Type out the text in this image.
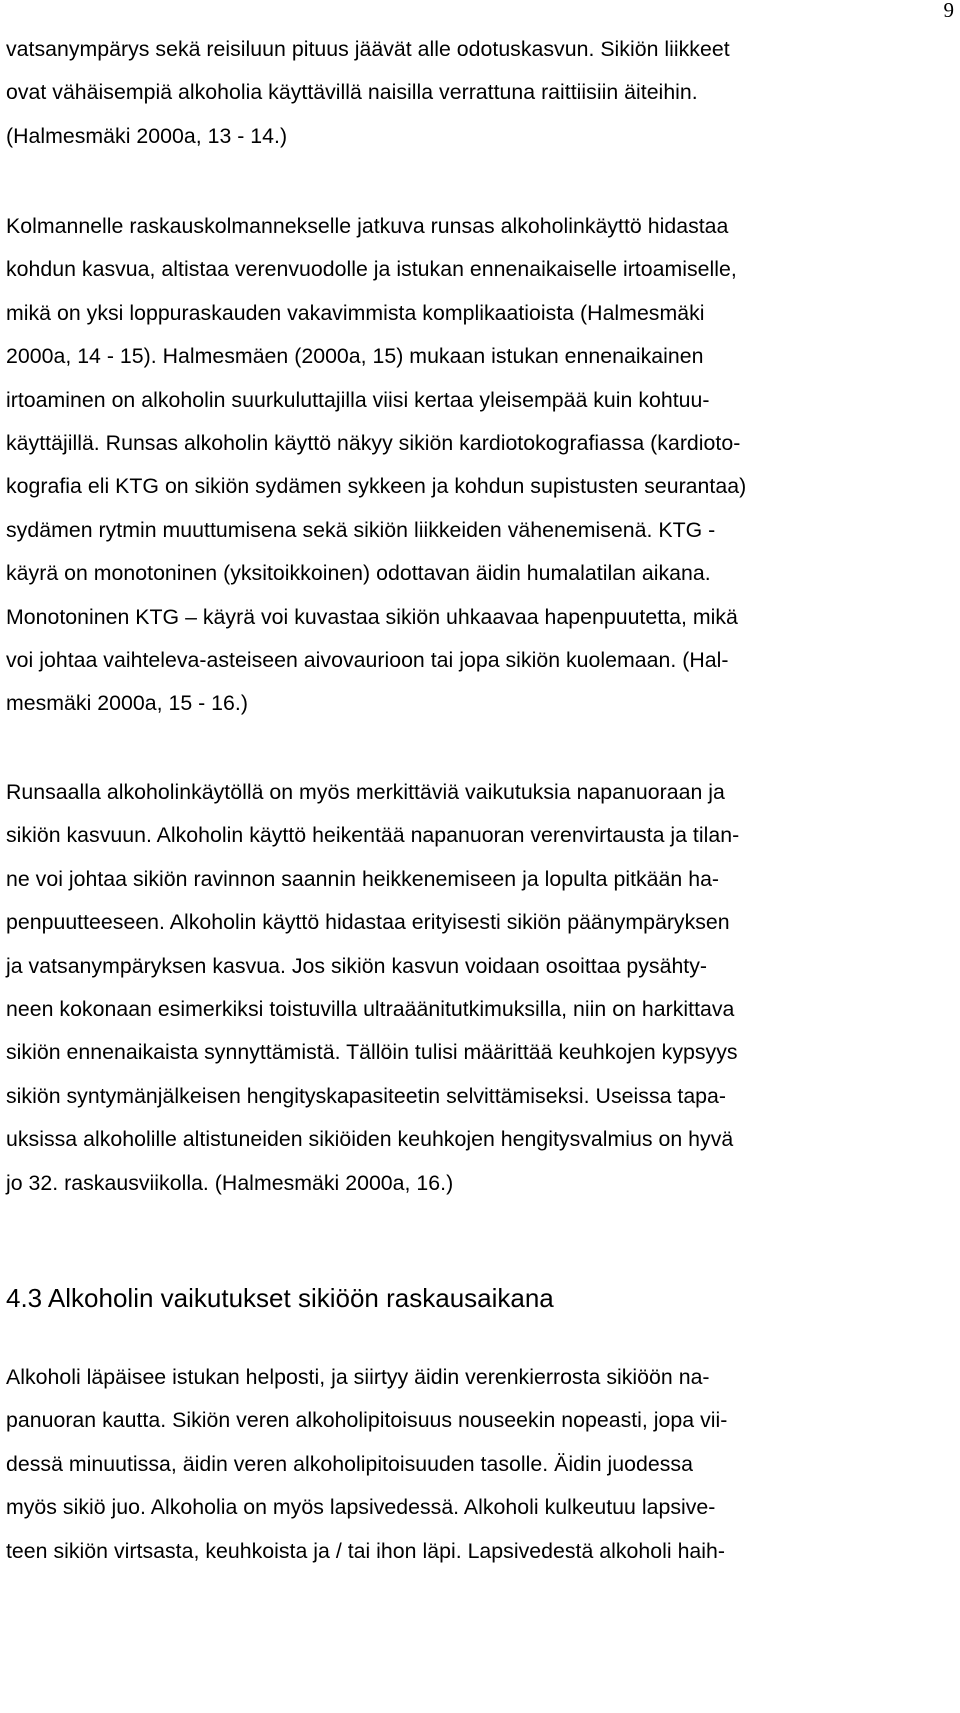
9
vatsanympärys sekä reisiluun pituus jäävät alle odotuskasvun. Sikiön liikkeet
ovat vähäisempiä alkoholia käyttävillä naisilla verrattuna raittiisiin äiteihin.
(Halmesmäki 2000a, 13 - 14.)
Kolmannelle raskauskolmannekselle jatkuva runsas alkoholinkäyttö hidastaa
kohdun kasvua, altistaa verenvuodolle ja istukan ennenaikaiselle irtoamiselle,
mikä on yksi loppuraskauden vakavimmista komplikaatioista (Halmesmäki
2000a, 14 - 15). Halmesmäen (2000a, 15) mukaan istukan ennenaikainen
irtoaminen on alkoholin suurkuluttajilla viisi kertaa yleisempää kuin kohtuu-
käyttäjillä. Runsas alkoholin käyttö näkyy sikiön kardiotokografiassa (kardioto-
kografia eli KTG on sikiön sydämen sykkeen ja kohdun supistusten seurantaa)
sydämen rytmin muuttumisena sekä sikiön liikkeiden vähenemisenä. KTG -
käyrä on monotoninen (yksitoikkoinen) odottavan äidin humalatilan aikana.
Monotoninen KTG – käyrä voi kuvastaa sikiön uhkaavaa hapenpuutetta, mikä
voi johtaa vaihteleva-asteiseen aivovaurioon tai jopa sikiön kuolemaan. (Hal-
mesmäki 2000a, 15 - 16.)
Runsaalla alkoholinkäytöllä on myös merkittäviä vaikutuksia napanuoraan ja
sikiön kasvuun. Alkoholin käyttö heikentää napanuoran verenvirtausta ja tilan-
ne voi johtaa sikiön ravinnon saannin heikkenemiseen ja lopulta pitkään ha-
penpuutteeseen. Alkoholin käyttö hidastaa erityisesti sikiön päänympäryksen
ja vatsanympäryksen kasvua. Jos sikiön kasvun voidaan osoittaa pysähty-
neen kokonaan esimerkiksi toistuvilla ultraäänitutkimuksilla, niin on harkittava
sikiön ennenaikaista synnyttämistä. Tällöin tulisi määrittää keuhkojen kypsyys
sikiön syntymänjälkeisen hengityskapasiteetin selvittämiseksi. Useissa tapa-
uksissa alkoholille altistuneiden sikiöiden keuhkojen hengitysvalmius on hyvä
jo 32. raskausviikolla. (Halmesmäki 2000a, 16.)
4.3 Alkoholin vaikutukset sikiöön raskausaikana
Alkoholi läpäisee istukan helposti, ja siirtyy äidin verenkierrosta sikiöön na-
panuoran kautta. Sikiön veren alkoholipitoisuus nouseekin nopeasti, jopa vii-
dessä minuutissa, äidin veren alkoholipitoisuuden tasolle. Äidin juodessa
myös sikiö juo. Alkoholia on myös lapsivedessä. Alkoholi kulkeutuu lapsive-
teen sikiön virtsasta, keuhkoista ja / tai ihon läpi. Lapsivedestä alkoholi haih-
